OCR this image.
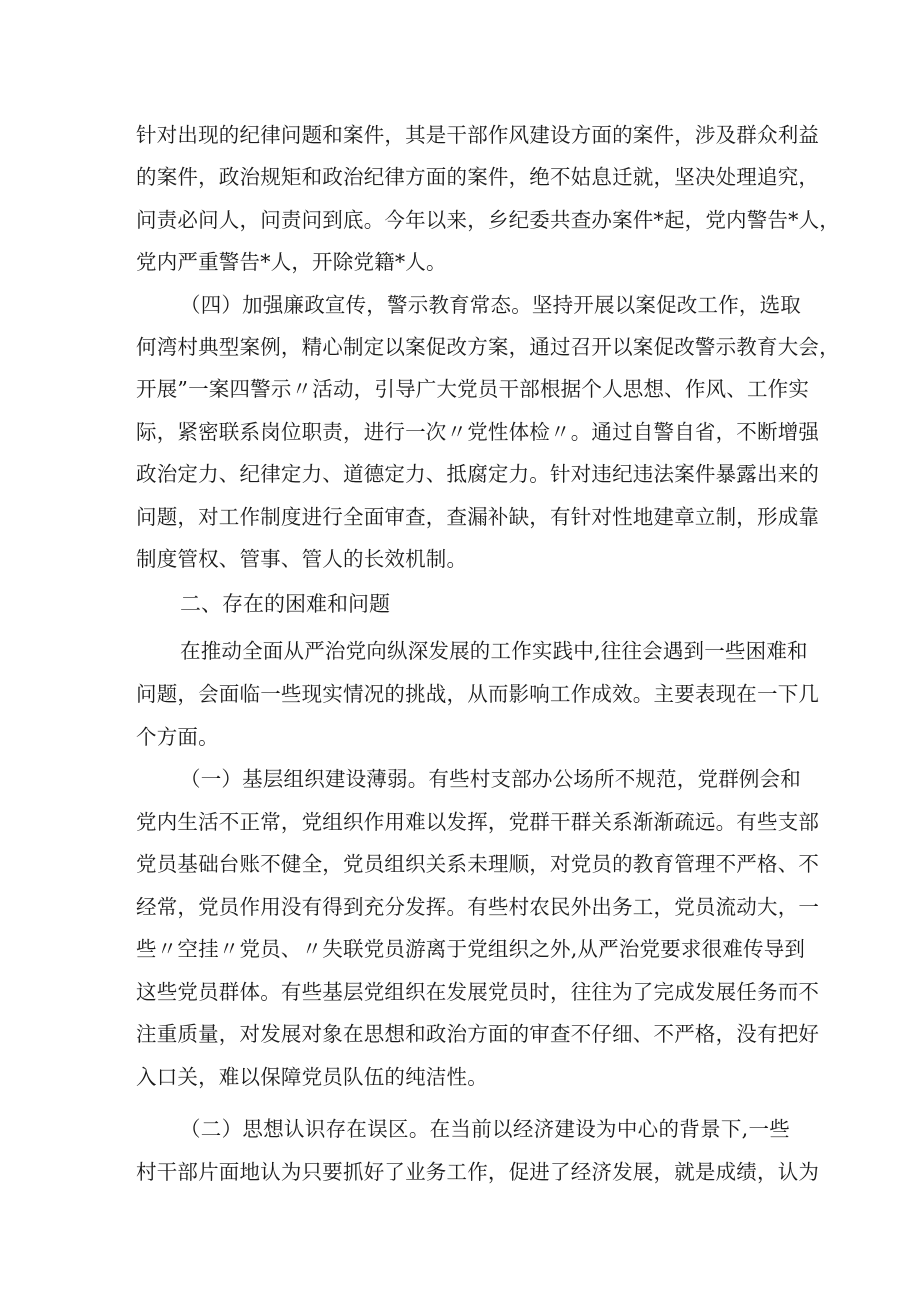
针对出现的纪律问题和案件，其是干部作风建设方面的案件，涉及群众利益
的案件，政治规矩和政治纪律方面的案件，绝不姑息迁就，坚决处理追究，
问责必问人，问责问到底。今年以来，乡纪委共查办案件*起，党内警告*人，
党内严重警告*人，开除党籍*人。
（四）加强廉政宣传，警示教育常态。坚持开展以案促改工作，选取
何湾村典型案例，精心制定以案促改方案，通过召开以案促改警示教育大会，
开展”一案四警示〃活动，引导广大党员干部根据个人思想、作风、工作实
际，紧密联系岗位职责，进行一次〃党性体检〃。通过自警自省，不断增强
政治定力、纪律定力、道德定力、抵腐定力。针对违纪违法案件暴露出来的
问题，对工作制度进行全面审查，查漏补缺，有针对性地建章立制，形成靠
制度管权、管事、管人的长效机制。
二、存在的困难和问题
在推动全面从严治党向纵深发展的工作实践中,往往会遇到一些困难和
问题，会面临一些现实情况的挑战，从而影响工作成效。主要表现在一下几
个方面。
（一）基层组织建设薄弱。有些村支部办公场所不规范，党群例会和
党内生活不正常，党组织作用难以发挥，党群干群关系渐渐疏远。有些支部
党员基础台账不健全，党员组织关系未理顺，对党员的教育管理不严格、不
经常，党员作用没有得到充分发挥。有些村农民外出务工，党员流动大，一
些〃空挂〃党员、〃失联党员游离于党组织之外,从严治党要求很难传导到
这些党员群体。有些基层党组织在发展党员时，往往为了完成发展任务而不
注重质量，对发展对象在思想和政治方面的审查不仔细、不严格，没有把好
入口关，难以保障党员队伍的纯洁性。
（二）思想认识存在误区。在当前以经济建设为中心的背景下,一些
村干部片面地认为只要抓好了业务工作，促进了经济发展，就是成绩，认为
